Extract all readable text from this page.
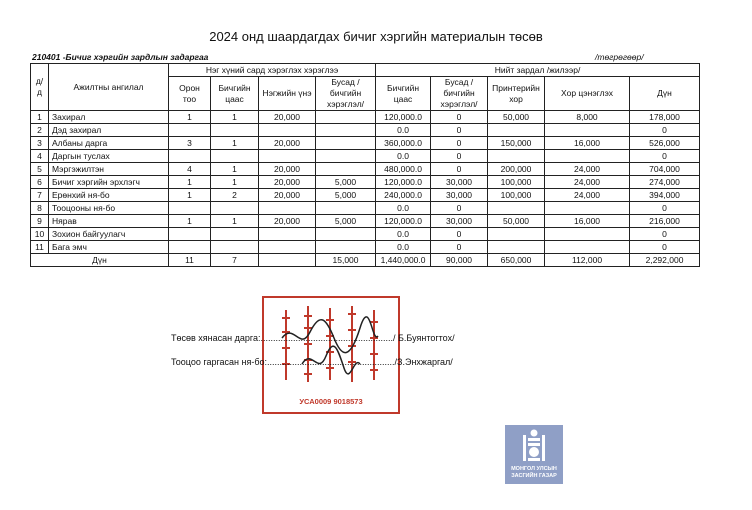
2024 онд шаардагдах бичиг хэргийн материалын төсөв
210401 -Бичиг хэргийн зардлын задаргаа	/төгрөгөөр/
д/д	Ажилтны ангилал	Нэг хүний сард хэрэглэх хэрэглээ				Нийт зардал /жилээр/				
		Орон тоо	Бичгийн цаас	Нэгжийн үнэ	Бусад /бичгийн хэрэглэл/	Бичгийн цаас	Бусад /бичгийн хэрэглэл/	Принтерийн хор	Хор цэнэглэх	Дүн
1	Захирал	1	1	20,000		120,000.0	0	50,000	8,000	178,000
2	Дэд захирал					0.0	0			0
3	Албаны дарга	3	1	20,000		360,000.0	0	150,000	16,000	526,000
4	Даргын туслах					0.0	0			0
5	Мэргэжилтэн	4	1	20,000		480,000.0	0	200,000	24,000	704,000
6	Бичиг хэргийн эрхлэгч	1	1	20,000	5,000	120,000.0	30,000	100,000	24,000	274,000
7	Ерөнхий ня-бо	1	2	20,000	5,000	240,000.0	30,000	100,000	24,000	394,000
8	Тооцооны ня-бо					0.0	0			0
9	Нярав	1	1	20,000	5,000	120,000.0	30,000	50,000	16,000	216,000
10	Зохион байгуулагч					0.0	0			0
11	Бага эмч					0.0	0			0
Дүн		11	7		15,000	1,440,000.0	90,000	650,000	112,000	2,292,000
УСА0009 9018573
Төсөв хянасан дарга:...................................................../ Б.Буянтогтох/
Тооцоо гаргасан ня-бо:.................................................../З.Энхжаргал/
МОНГОЛ УЛСЫН
ЗАСГИЙН ГАЗАР
